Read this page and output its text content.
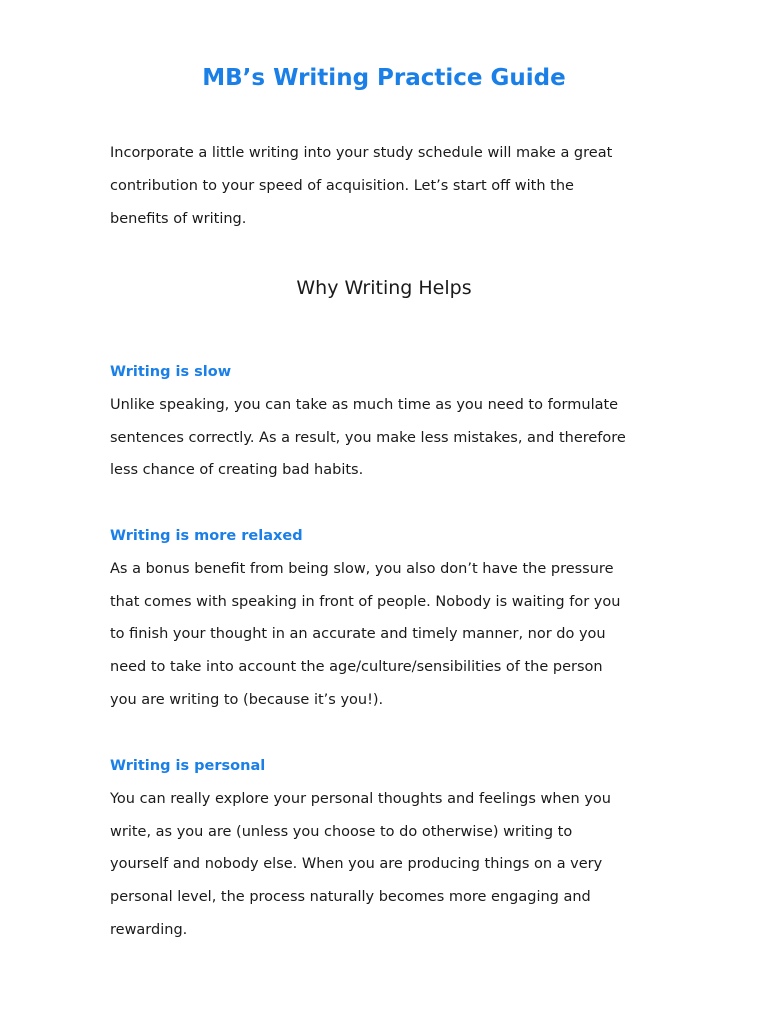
MB’s Writing Practice Guide

Incorporate a little writing into your study schedule will make a great contribution to your speed of acquisition. Let’s start off with the benefits of writing.

Why Writing Helps

Writing is slow

Unlike speaking, you can take as much time as you need to formulate sentences correctly. As a result, you make less mistakes, and therefore less chance of creating bad habits.

Writing is more relaxed

As a bonus benefit from being slow, you also don’t have the pressure that comes with speaking in front of people. Nobody is waiting for you to finish your thought in an accurate and timely manner, nor do you need to take into account the age/culture/sensibilities of the person you are writing to (because it’s you!).

Writing is personal

You can really explore your personal thoughts and feelings when you write, as you are (unless you choose to do otherwise) writing to yourself and nobody else. When you are producing things on a very personal level, the process naturally becomes more engaging and rewarding.
